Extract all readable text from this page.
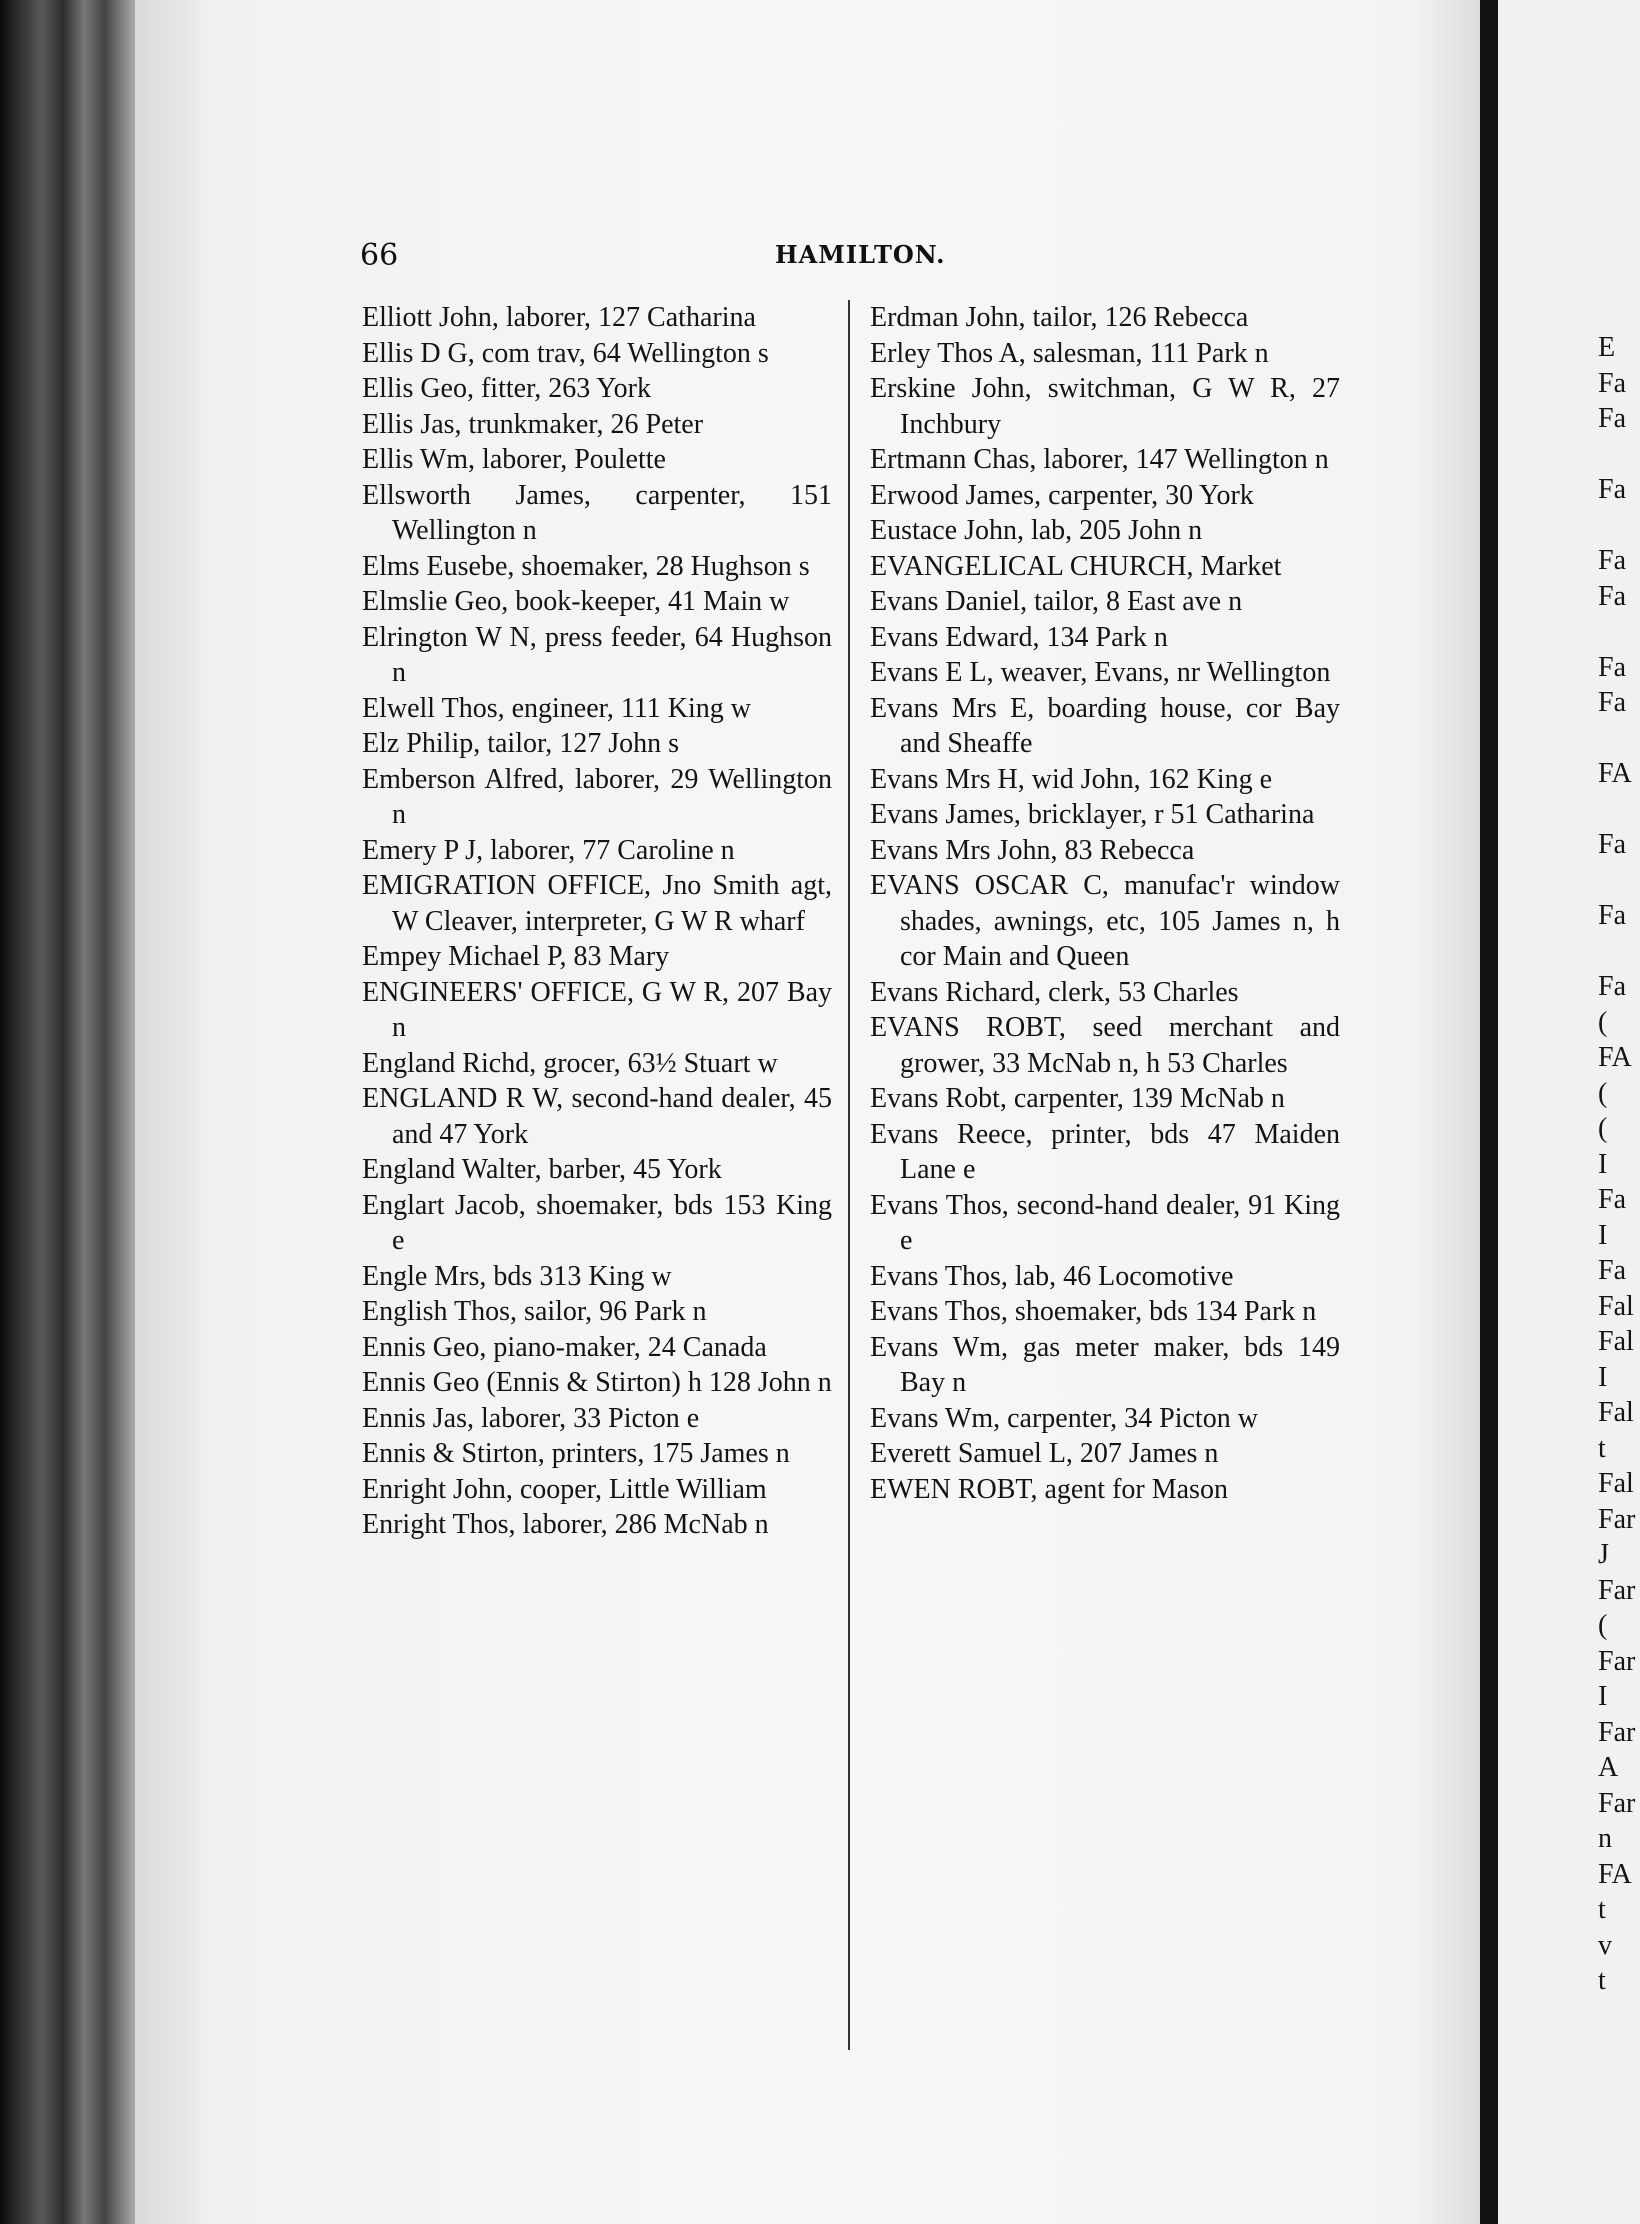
66	HAMILTON.

Elliott John, laborer, 127 Catharina

Ellis D G, com trav, 64 Wellington s

Ellis Geo, fitter, 263 York

Ellis Jas, trunkmaker, 26 Peter

Ellis Wm, laborer, Poulette

Ellsworth James, carpenter, 151 Wellington n

Elms Eusebe, shoemaker, 28 Hughson s

Elmslie Geo, book-keeper, 41 Main w

Elrington W N, press feeder, 64 Hughson n

Elwell Thos, engineer, 111 King w

Elz Philip, tailor, 127 John s

Emberson Alfred, laborer, 29 Wellington n

Emery P J, laborer, 77 Caroline n

EMIGRATION OFFICE, Jno Smith agt, W Cleaver, interpreter, G W R wharf

Empey Michael P, 83 Mary

ENGINEERS' OFFICE, G W R, 207 Bay n

England Richd, grocer, 63½ Stuart w

ENGLAND R W, second-hand dealer, 45 and 47 York

England Walter, barber, 45 York

Englart Jacob, shoemaker, bds 153 King e

Engle Mrs, bds 313 King w

English Thos, sailor, 96 Park n

Ennis Geo, piano-maker, 24 Canada

Ennis Geo (Ennis & Stirton) h 128 John n

Ennis Jas, laborer, 33 Picton e

Ennis & Stirton, printers, 175 James n

Enright John, cooper, Little William

Enright Thos, laborer, 286 McNab n

Erdman John, tailor, 126 Rebecca

Erley Thos A, salesman, 111 Park n

Erskine John, switchman, G W R, 27 Inchbury

Ertmann Chas, laborer, 147 Wellington n

Erwood James, carpenter, 30 York

Eustace John, lab, 205 John n

EVANGELICAL CHURCH, Market

Evans Daniel, tailor, 8 East ave n

Evans Edward, 134 Park n

Evans E L, weaver, Evans, nr Wellington

Evans Mrs E, boarding house, cor Bay and Sheaffe

Evans Mrs H, wid John, 162 King e

Evans James, bricklayer, r 51 Catharina

Evans Mrs John, 83 Rebecca

EVANS OSCAR C, manufac'r window shades, awnings, etc, 105 James n, h cor Main and Queen

Evans Richard, clerk, 53 Charles

EVANS ROBT, seed merchant and grower, 33 McNab n, h 53 Charles

Evans Robt, carpenter, 139 McNab n

Evans Reece, printer, bds 47 Maiden Lane e

Evans Thos, second-hand dealer, 91 King e

Evans Thos, lab, 46 Locomotive

Evans Thos, shoemaker, bds 134 Park n

Evans Wm, gas meter maker, bds 149 Bay n

Evans Wm, carpenter, 34 Picton w

Everett Samuel L, 207 James n

EWEN ROBT, agent for Mason

E
Fa
Fa
Fa
Fa
Fa
Fa
Fa
FA
Fa
Fa
Fa
(
FA
(
(
I
Fa
I
Fa
Fal
Fal
I
Fal
t
Fal
Far
J
Far
(
Far
I
Far
A
Far
n
FA
t
v
t
